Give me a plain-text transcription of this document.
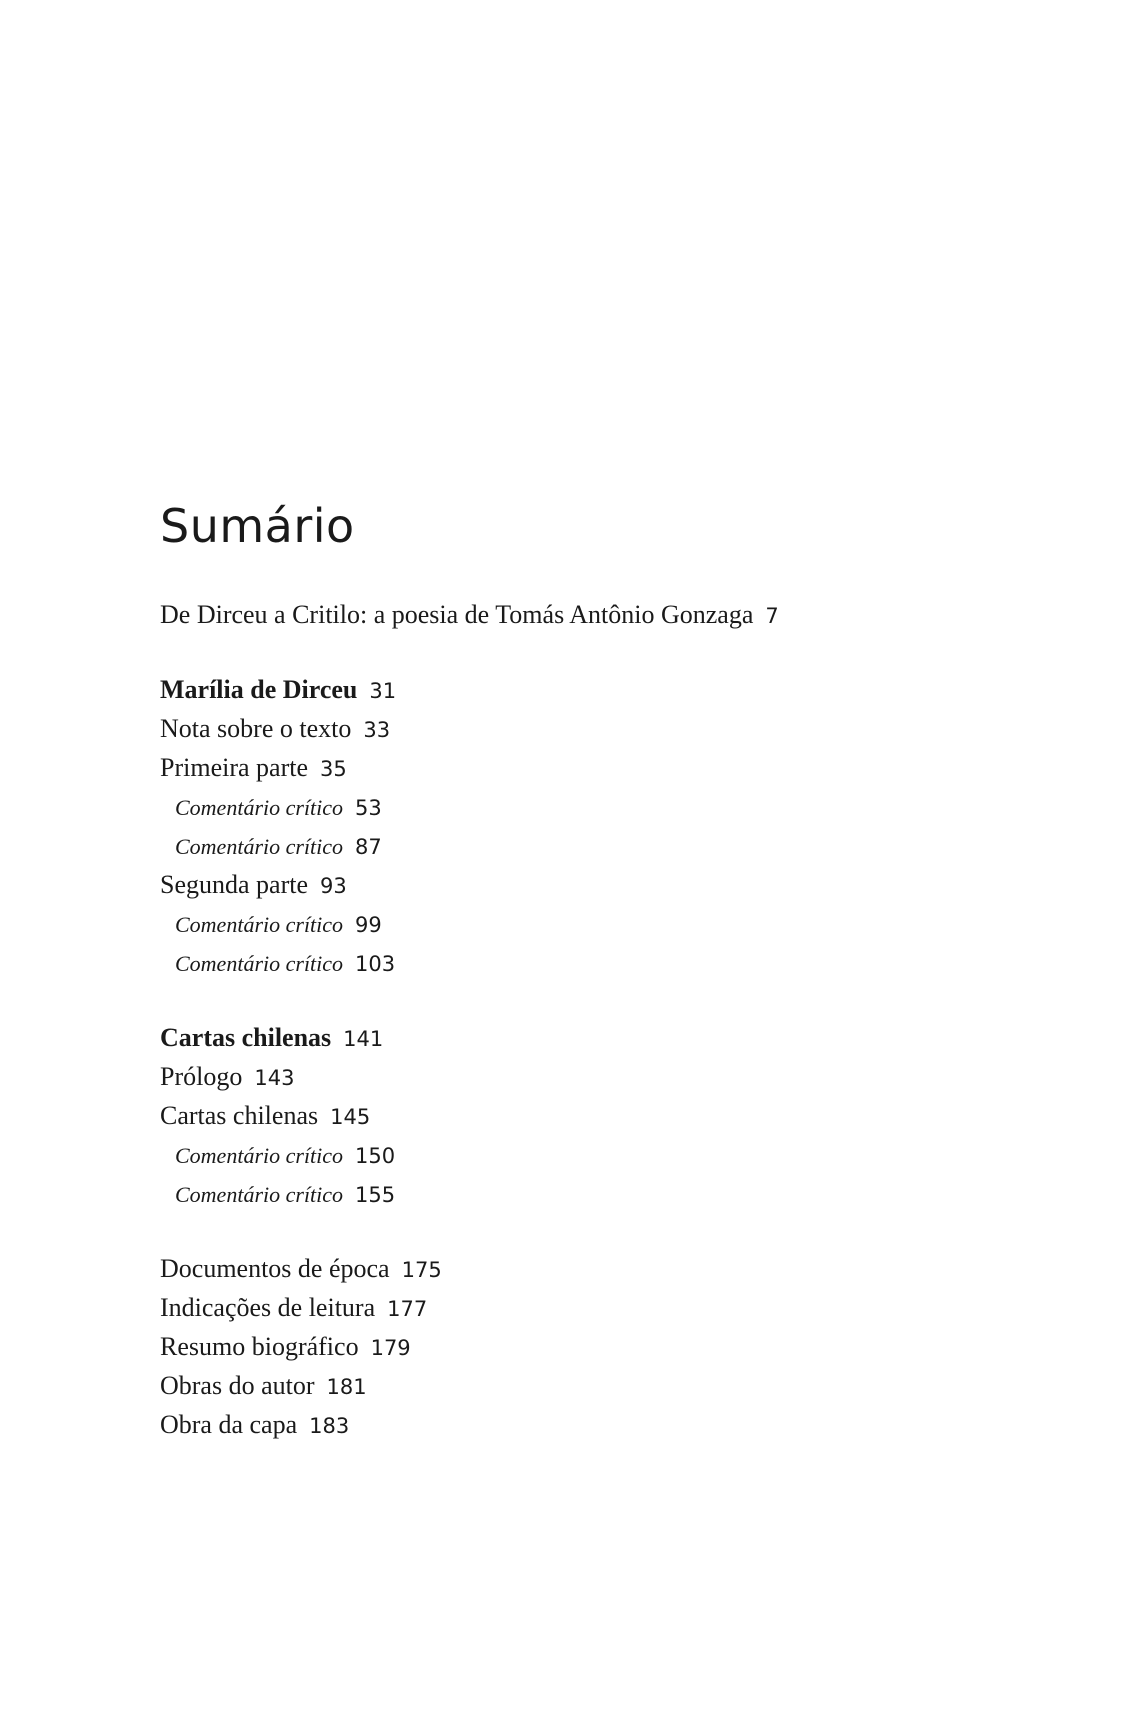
Sumário
De Dirceu a Critilo: a poesia de Tomás Antônio Gonzaga 7
Marília de Dirceu 31
Nota sobre o texto 33
Primeira parte 35
Comentário crítico 53
Comentário crítico 87
Segunda parte 93
Comentário crítico 99
Comentário crítico 103
Cartas chilenas 141
Prólogo 143
Cartas chilenas 145
Comentário crítico 150
Comentário crítico 155
Documentos de época 175
Indicações de leitura 177
Resumo biográfico 179
Obras do autor 181
Obra da capa 183
